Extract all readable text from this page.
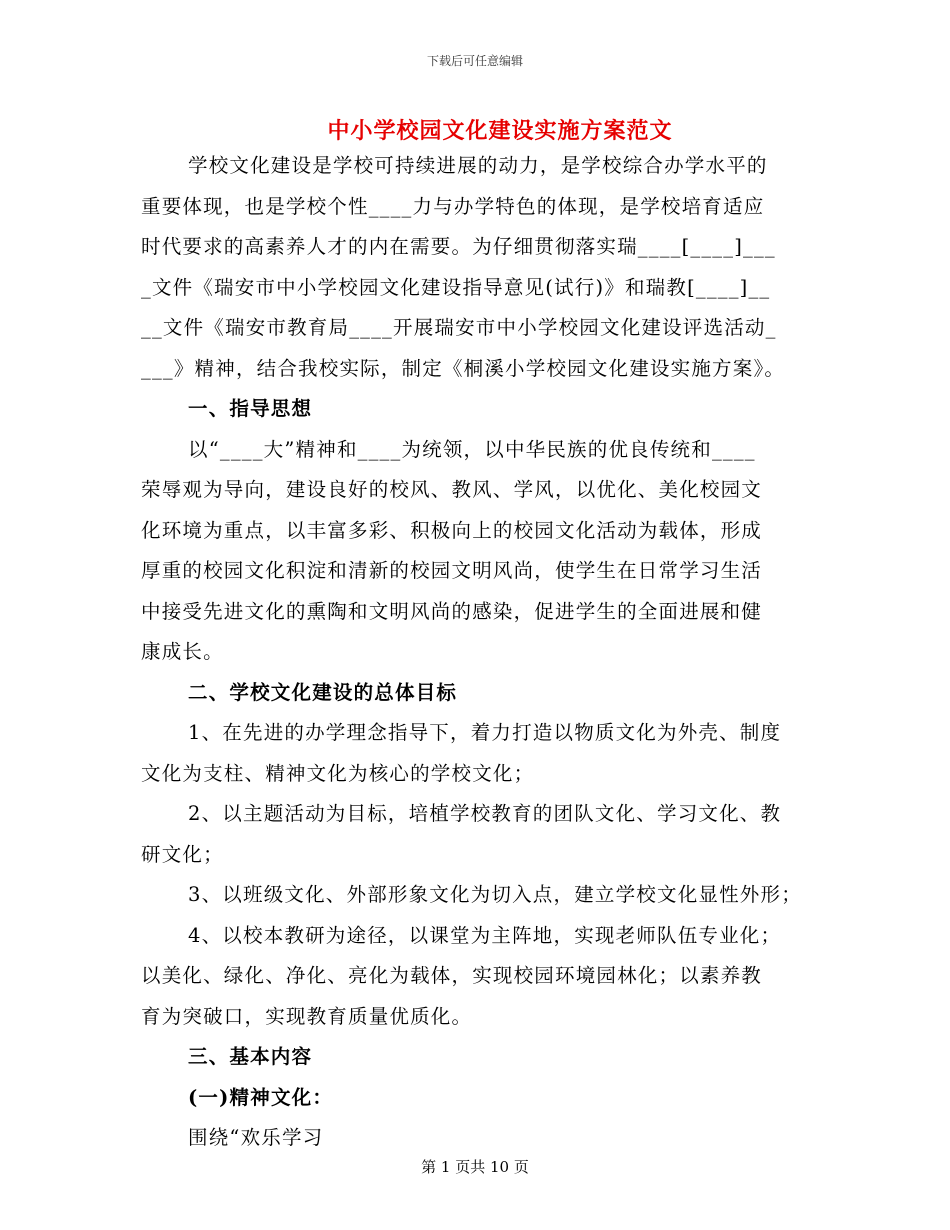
下载后可任意编辑
中小学校园文化建设实施方案范文
学校文化建设是学校可持续进展的动力，是学校综合办学水平的
重要体现，也是学校个性____力与办学特色的体现，是学校培育适应
时代要求的高素养人才的内在需要。为仔细贯彻落实瑞____[____]___
_文件《瑞安市中小学校园文化建设指导意见(试行)》和瑞教[____]__
__文件《瑞安市教育局____开展瑞安市中小学校园文化建设评选活动_
___》精神，结合我校实际，制定《桐溪小学校园文化建设实施方案》。
一、指导思想
以“____大”精神和____为统领，以中华民族的优良传统和____
荣辱观为导向，建设良好的校风、教风、学风，以优化、美化校园文
化环境为重点，以丰富多彩、积极向上的校园文化活动为载体，形成
厚重的校园文化积淀和清新的校园文明风尚，使学生在日常学习生活
中接受先进文化的熏陶和文明风尚的感染，促进学生的全面进展和健
康成长。
二、学校文化建设的总体目标
1、在先进的办学理念指导下，着力打造以物质文化为外壳、制度
文化为支柱、精神文化为核心的学校文化；
2、以主题活动为目标，培植学校教育的团队文化、学习文化、教
研文化；
3、以班级文化、外部形象文化为切入点，建立学校文化显性外形；
4、以校本教研为途径，以课堂为主阵地，实现老师队伍专业化；
以美化、绿化、净化、亮化为载体，实现校园环境园林化；以素养教
育为突破口，实现教育质量优质化。
三、基本内容
(一)精神文化：
围绕“欢乐学习
第 1 页共 10 页
